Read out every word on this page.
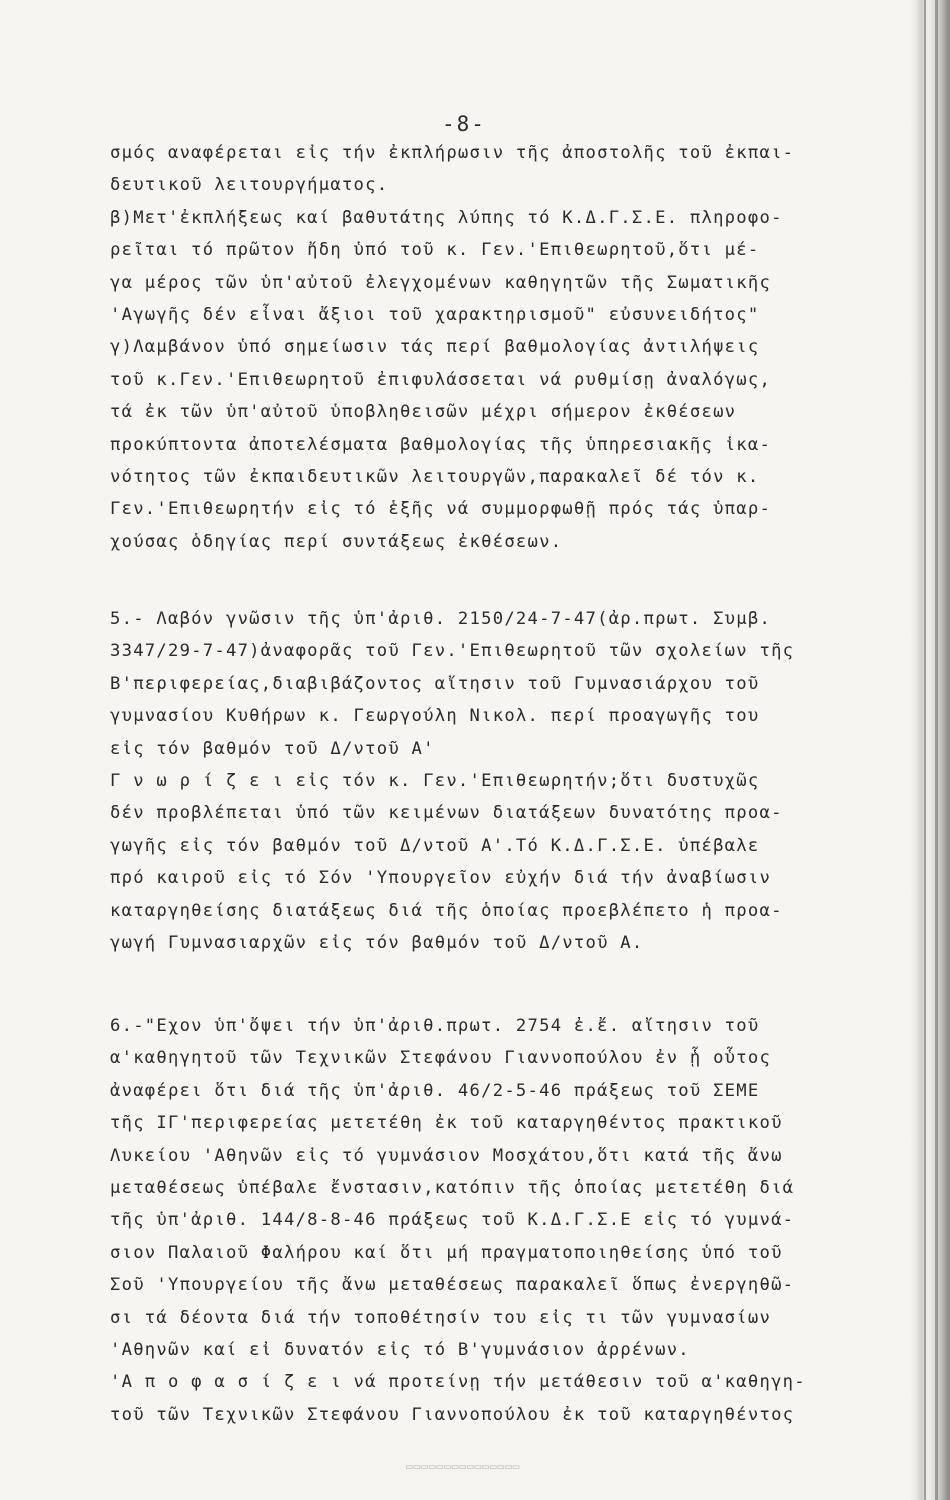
-8-
σμός αναφέρεται εἰς τήν ἐκπλήρωσιν τῆς ἀποστολῆς τοῦ ἐκπαι-
δευτικοῦ λειτουργήματος.
β)Μετ'ἐκπλήξεως καί βαθυτάτης λύπης τό Κ.Δ.Γ.Σ.Ε. πληροφο-
ρεῖται τό πρῶτον ἤδη ὑπό τοῦ κ. Γεν.'Επιθεωρητοῦ,ὅτι μέ-
γα μέρος τῶν ὑπ'αὐτοῦ ἐλεγχομένων καθηγητῶν τῆς Σωματικῆς
'Αγωγῆς δέν εἶναι ἄξιοι τοῦ χαρακτηρισμοῦ" εὐσυνειδήτος"
γ)Λαμβάνον ὑπό σημείωσιν τάς περί βαθμολογίας ἀντιλήψεις
τοῦ κ.Γεν.'Επιθεωρητοῦ ἐπιφυλάσσεται νά ρυθμίσῃ ἀναλόγως,
τά ἐκ τῶν ὑπ'αὐτοῦ ὑποβληθεισῶν μέχρι σήμερον ἐκθέσεων
προκύπτοντα ἀποτελέσματα βαθμολογίας τῆς ὑπηρεσιακῆς ἱκα-
νότητος τῶν ἐκπαιδευτικῶν λειτουργῶν,παρακαλεῖ δέ τόν κ.
Γεν.'Επιθεωρητήν εἰς τό ἑξῆς νά συμμορφωθῇ πρός τάς ὑπαρ-
χούσας ὁδηγίας περί συντάξεως ἐκθέσεων.
5.- Λαβόν γνῶσιν τῆς ὑπ'ἀριθ. 2150/24-7-47(ἀρ.πρωτ. Συμβ.
3347/29-7-47)ἀναφορᾶς τοῦ Γεν.'Επιθεωρητοῦ τῶν σχολείων τῆς
Β'περιφερείας,διαβιβάζοντος αἴτησιν τοῦ Γυμνασιάρχου τοῦ
γυμνασίου Κυθήρων κ. Γεωργούλη Νικολ. περί προαγωγῆς του
εἰς τόν βαθμόν τοῦ Δ/ντοῦ Α'
Γ ν ω ρ ί ζ ε ι εἰς τόν κ. Γεν.'Επιθεωρητήν;ὅτι δυστυχῶς
δέν προβλέπεται ὑπό τῶν κειμένων διατάξεων δυνατότης προα-
γωγῆς εἰς τόν βαθμόν τοῦ Δ/ντοῦ Α'.Τό Κ.Δ.Γ.Σ.Ε. ὑπέβαλε
πρό καιροῦ εἰς τό Σόν 'Υπουργεῖον εὐχήν διά τήν ἀναβίωσιν
καταργηθείσης διατάξεως διά τῆς ὁποίας προεβλέπετο ἡ προα-
γωγή Γυμνασιαρχῶν εἰς τόν βαθμόν τοῦ Δ/ντοῦ Α.
6.-"Εχον ὑπ'ὄψει τήν ὑπ'ἀριθ.πρωτ. 2754 ἐ.ἔ. αἴτησιν τοῦ
α'καθηγητοῦ τῶν Τεχνικῶν Στεφάνου Γιαννοπούλου ἐν ᾗ οὗτος
ἀναφέρει ὅτι διά τῆς ὑπ'ἀριθ. 46/2-5-46 πράξεως τοῦ ΣΕΜΕ
τῆς ΙΓ'περιφερείας μετετέθη ἐκ τοῦ καταργηθέντος πρακτικοῦ
Λυκείου 'Αθηνῶν εἰς τό γυμνάσιον Μοσχάτου,ὅτι κατά τῆς ἄνω
μεταθέσεως ὑπέβαλε ἔνστασιν,κατόπιν τῆς ὁποίας μετετέθη διά
τῆς ὑπ'ἀριθ. 144/8-8-46 πράξεως τοῦ Κ.Δ.Γ.Σ.Ε εἰς τό γυμνά-
σιον Παλαιοῦ Φαλήρου καί ὅτι μή πραγματοποιηθείσης ὑπό τοῦ
Σοῦ 'Υπουργείου τῆς ἄνω μεταθέσεως παρακαλεῖ ὅπως ἐνεργηθῶ-
σι τά δέοντα διά τήν τοποθέτησίν του εἰς τι τῶν γυμνασίων
'Αθηνῶν καί εἰ δυνατόν εἰς τό Β'γυμνάσιον ἀρρένων.
'Α π ο φ α σ ί ζ ε ι νά προτείνῃ τήν μετάθεσιν τοῦ α'καθηγη-
τοῦ τῶν Τεχνικῶν Στεφάνου Γιαννοπούλου ἐκ τοῦ καταργηθέντος
▭▭▭▭▭▭▭▭▭▭▭▭▭▭▭
